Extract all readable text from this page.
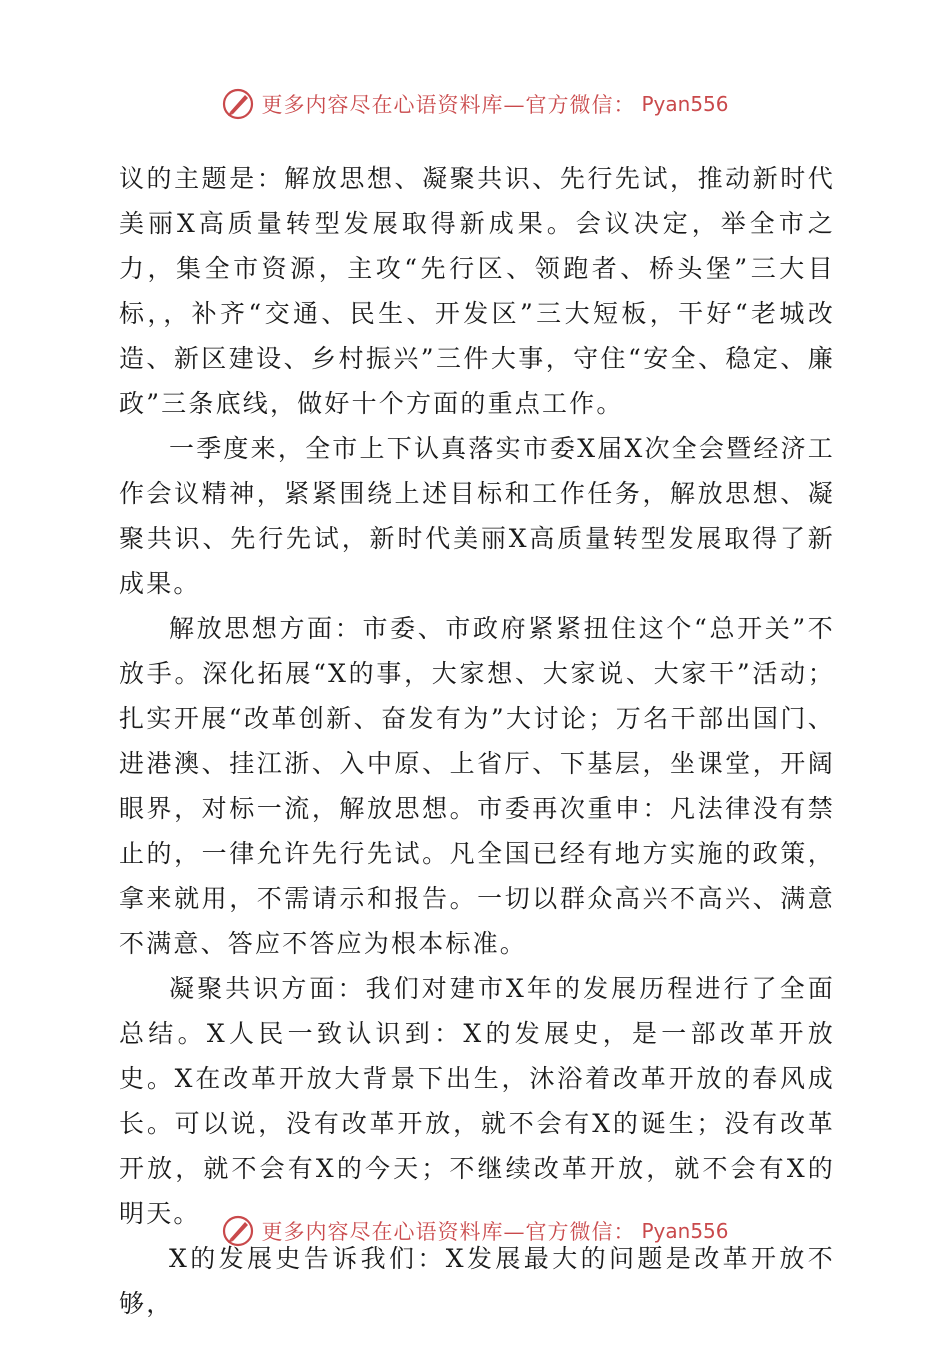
更多内容尽在心语资料库—官方微信： Pyan556

议的主题是：解放思想、凝聚共识、先行先试，推动新时代美丽X高质量转型发展取得新成果。会议决定，举全市之力，集全市资源，主攻“先行区、领跑者、桥头堡”三大目标，，补齐“交通、民生、开发区”三大短板，干好“老城改造、新区建设、乡村振兴”三件大事，守住“安全、稳定、廉政”三条底线，做好十个方面的重点工作。

一季度来，全市上下认真落实市委X届X次全会暨经济工作会议精神，紧紧围绕上述目标和工作任务，解放思想、凝聚共识、先行先试，新时代美丽X高质量转型发展取得了新成果。

解放思想方面：市委、市政府紧紧扭住这个“总开关”不放手。深化拓展“X的事，大家想、大家说、大家干”活动；扎实开展“改革创新、奋发有为”大讨论；万名干部出国门、进港澳、挂江浙、入中原、上省厅、下基层，坐课堂，开阔眼界，对标一流，解放思想。市委再次重申：凡法律没有禁止的，一律允许先行先试。凡全国已经有地方实施的政策，拿来就用，不需请示和报告。一切以群众高兴不高兴、满意不满意、答应不答应为根本标准。

凝聚共识方面：我们对建市X年的发展历程进行了全面总结。X人民一致认识到：X的发展史，是一部改革开放史。X在改革开放大背景下出生，沐浴着改革开放的春风成长。可以说，没有改革开放，就不会有X的诞生；没有改革开放，就不会有X的今天；不继续改革开放，就不会有X的明天。

X的发展史告诉我们：X发展最大的问题是改革开放不够，

更多内容尽在心语资料库—官方微信： Pyan556
